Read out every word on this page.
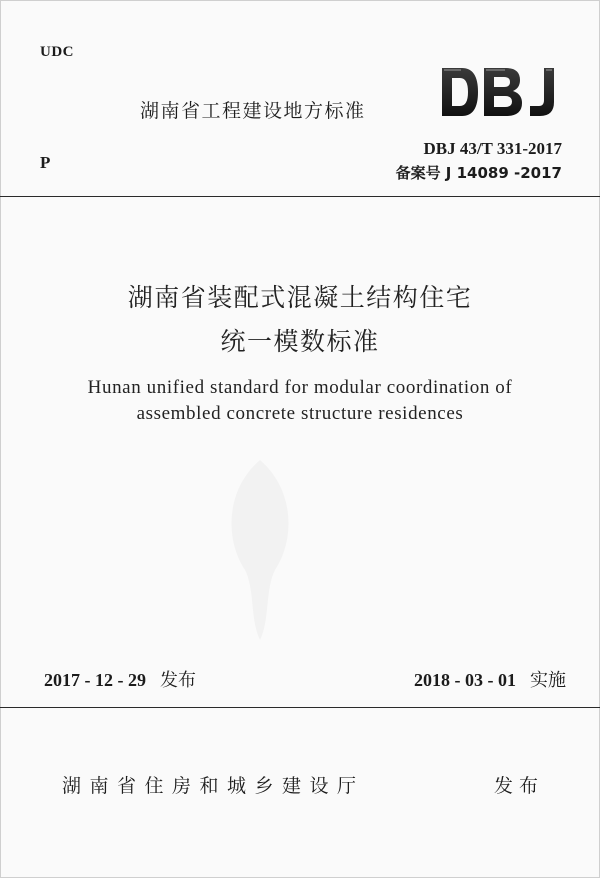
UDC
湖南省工程建设地方标准
P
DBJ 43/T 331-2017
备案号 J 14089 -2017
湖南省装配式混凝土结构住宅
统一模数标准
Hunan unified standard for modular coordination of
assembled concrete structure residences
2017 - 12 - 29 发布	2018 - 03 - 01 实施
湖南省住房和城乡建设厅	发布
